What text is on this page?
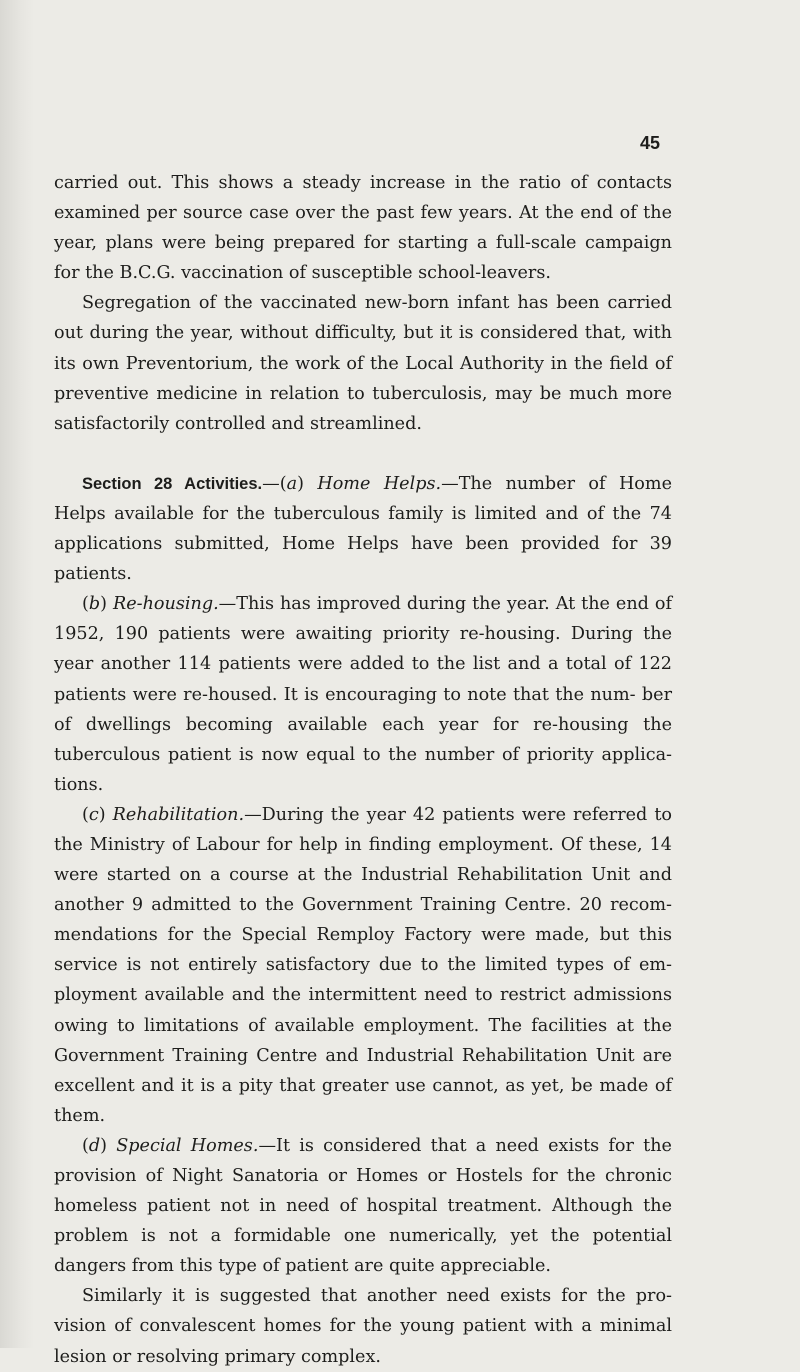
45

carried out. This shows a steady increase in the ratio of contacts examined per source case over the past few years. At the end of the year, plans were being prepared for starting a full-scale campaign for the B.C.G. vaccination of susceptible school-leavers.

Segregation of the vaccinated new-born infant has been carried out during the year, without difficulty, but it is considered that, with its own Preventorium, the work of the Local Authority in the field of preventive medicine in relation to tuberculosis, may be much more satisfactorily controlled and streamlined.

Section 28 Activities.—(a) Home Helps.—The number of Home Helps available for the tuberculous family is limited and of the 74 applications submitted, Home Helps have been provided for 39 patients.

(b) Re-housing.—This has improved during the year. At the end of 1952, 190 patients were awaiting priority re-housing. During the year another 114 patients were added to the list and a total of 122 patients were re-housed. It is encouraging to note that the num- ber of dwellings becoming available each year for re-housing the tuberculous patient is now equal to the number of priority applica- tions.

(c) Rehabilitation.—During the year 42 patients were referred to the Ministry of Labour for help in finding employment. Of these, 14 were started on a course at the Industrial Rehabilitation Unit and another 9 admitted to the Government Training Centre. 20 recom- mendations for the Special Remploy Factory were made, but this service is not entirely satisfactory due to the limited types of em- ployment available and the intermittent need to restrict admissions owing to limitations of available employment. The facilities at the Government Training Centre and Industrial Rehabilitation Unit are excellent and it is a pity that greater use cannot, as yet, be made of them.

(d) Special Homes.—It is considered that a need exists for the provision of Night Sanatoria or Homes or Hostels for the chronic homeless patient not in need of hospital treatment. Although the problem is not a formidable one numerically, yet the potential dangers from this type of patient are quite appreciable.

Similarly it is suggested that another need exists for the pro- vision of convalescent homes for the young patient with a minimal lesion or resolving primary complex.
